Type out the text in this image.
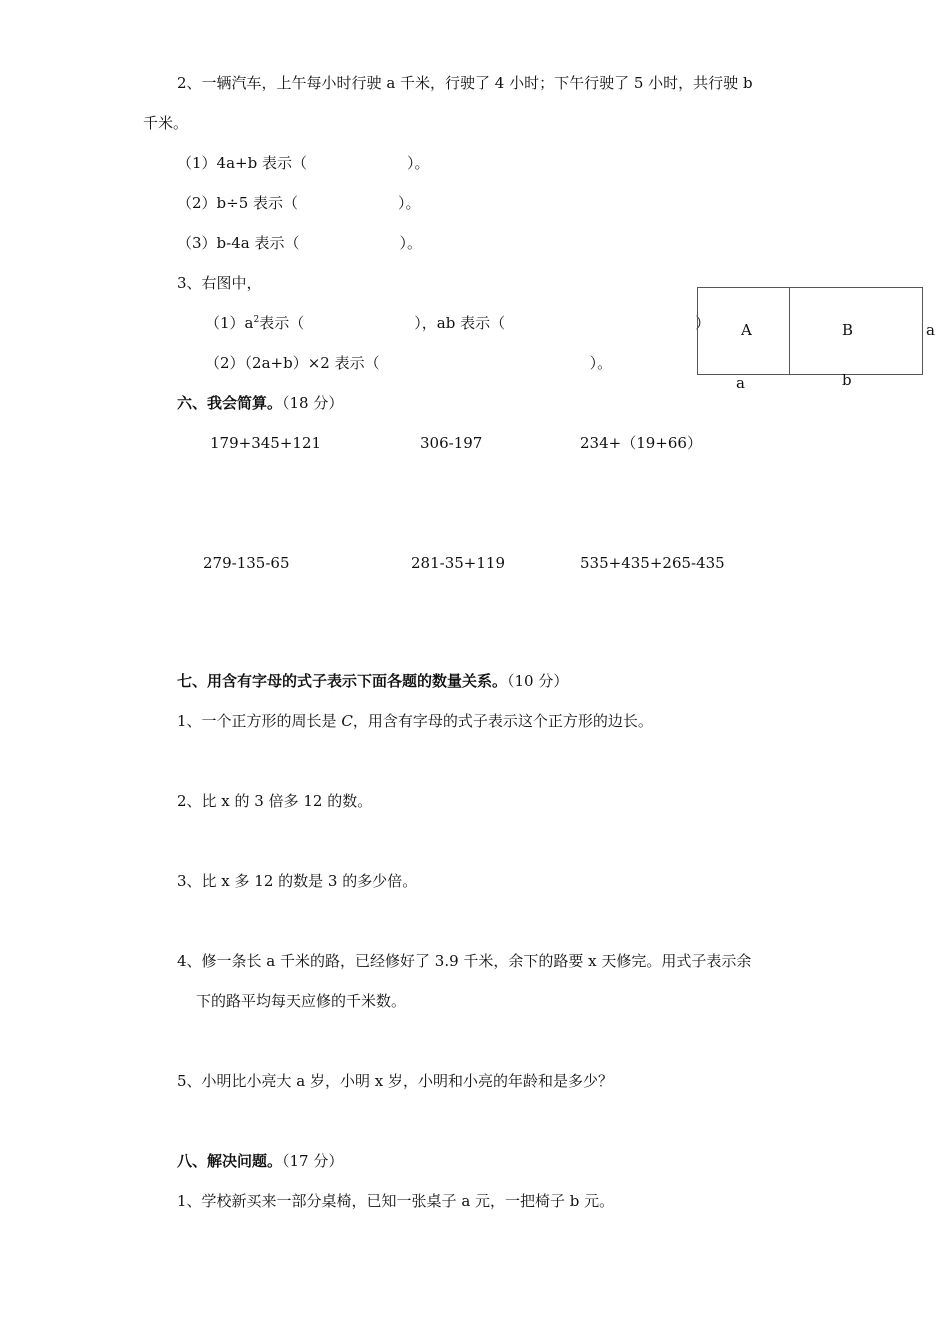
2、一辆汽车，上午每小时行驶 a 千米，行驶了 4 小时；下午行驶了 5 小时，共行驶 b
千米。
（1）4a+b 表示（	）。
（2）b÷5 表示（	）。
（3）b-4a 表示（	）。
3、右图中，
$(1)a^2$表示（	），ab 表示（	）
（2）（2a+b）×2 表示（	）。
A	B	a
a	b
六、我会简算。（18 分）
179+345+121	306-197	234+（19+66）
279-135-65	281-35+119	535+435+265-435
七、用含有字母的式子表示下面各题的数量关系。（10 分）
1、一个正方形的周长是 C，用含有字母的式子表示这个正方形的边长。
2、比 x 的 3 倍多 12 的数。
3、比 x 多 12 的数是 3 的多少倍。
4、修一条长 a 千米的路，已经修好了 3.9 千米，余下的路要 x 天修完。用式子表示余
下的路平均每天应修的千米数。
5、小明比小亮大 a 岁，小明 x 岁，小明和小亮的年龄和是多少？
八、解决问题。（17 分）
1、学校新买来一部分桌椅，已知一张桌子 a 元，一把椅子 b 元。
